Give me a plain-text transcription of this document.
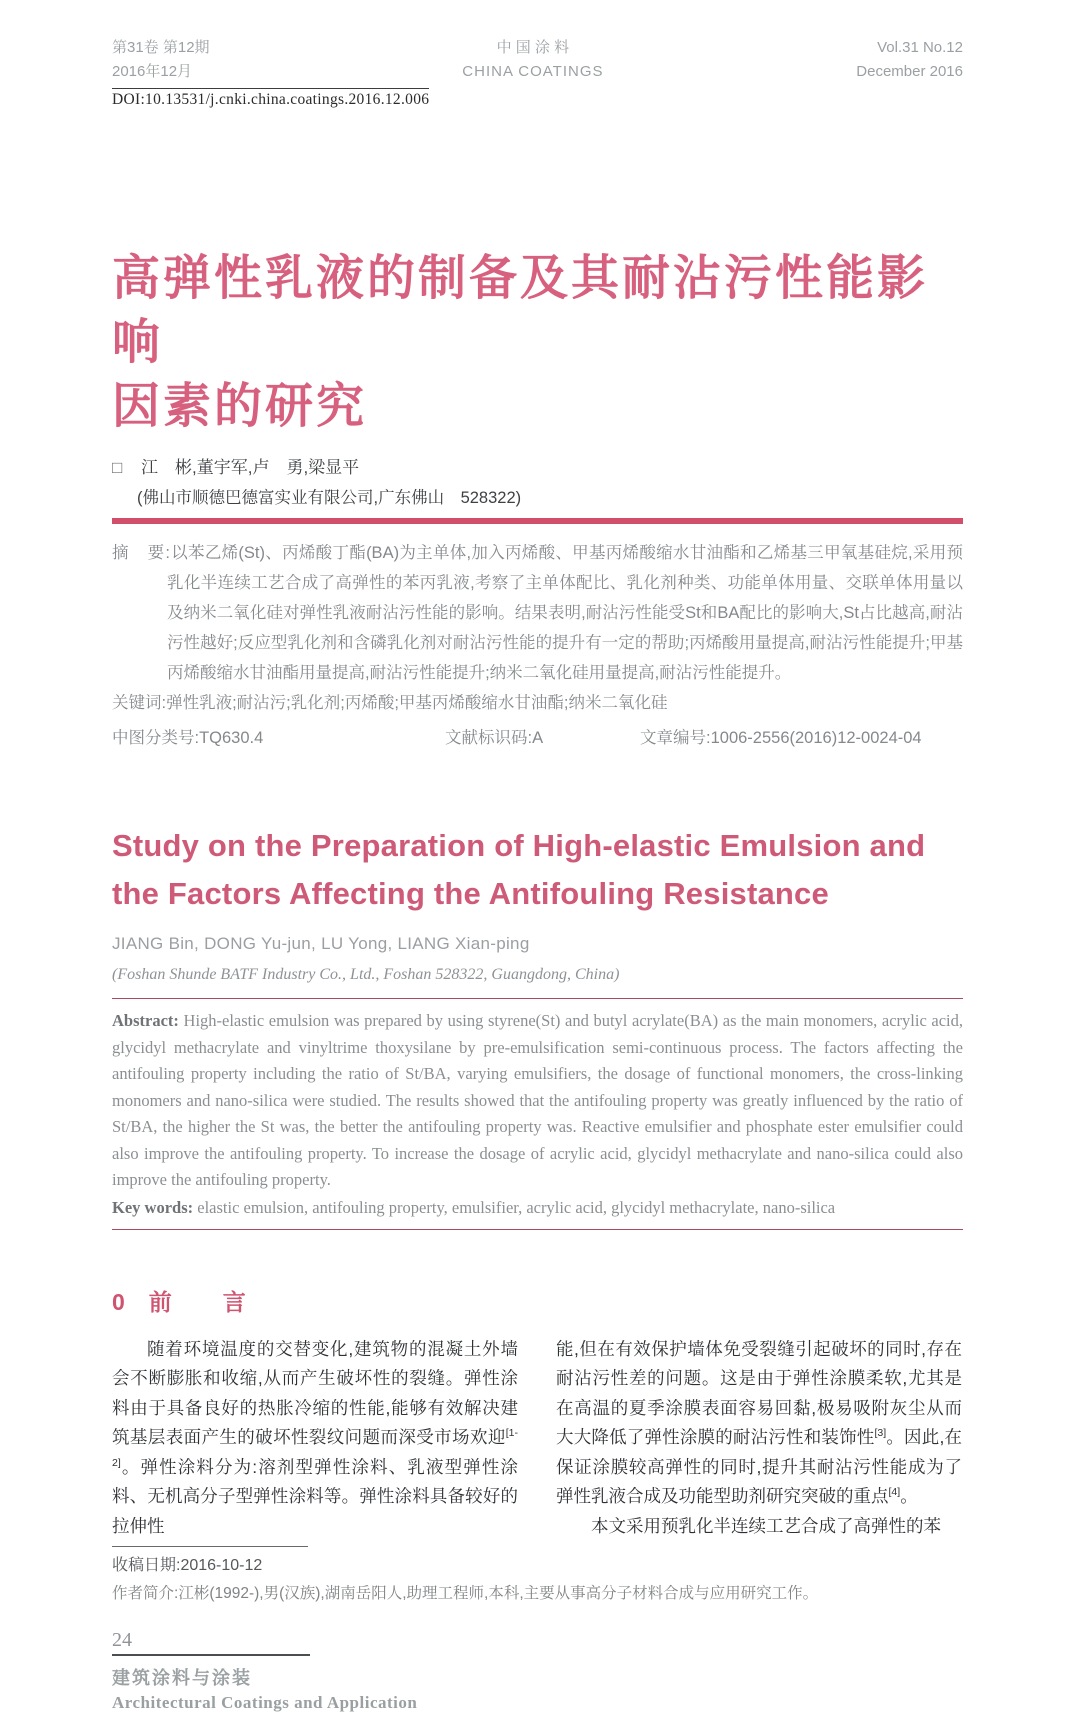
第31卷 第12期
2016年12月
中 国 涂 料
CHINA COATINGS
Vol.31 No.12
December 2016
DOI:10.13531/j.cnki.china.coatings.2016.12.006
高弹性乳液的制备及其耐沾污性能影响
因素的研究
□ 江　彬,董宇军,卢　勇,梁显平
(佛山市顺德巴德富实业有限公司,广东佛山　528322)

摘　要:以苯乙烯(St)、丙烯酸丁酯(BA)为主单体,加入丙烯酸、甲基丙烯酸缩水甘油酯和乙烯基三甲氧基硅烷,采用预乳化半连续工艺合成了高弹性的苯丙乳液,考察了主单体配比、乳化剂种类、功能单体用量、交联单体用量以及纳米二氧化硅对弹性乳液耐沾污性能的影响。结果表明,耐沾污性能受St和BA配比的影响大,St占比越高,耐沾污性越好;反应型乳化剂和含磷乳化剂对耐沾污性能的提升有一定的帮助;丙烯酸用量提高,耐沾污性能提升;甲基丙烯酸缩水甘油酯用量提高,耐沾污性能提升;纳米二氧化硅用量提高,耐沾污性能提升。

关键词:弹性乳液;耐沾污;乳化剂;丙烯酸;甲基丙烯酸缩水甘油酯;纳米二氧化硅

中图分类号:TQ630.4	文献标识码:A	文章编号:1006-2556(2016)12-0024-04
Study on the Preparation of High-elastic Emulsion and the Factors Affecting the Antifouling Resistance
JIANG Bin, DONG Yu-jun, LU Yong, LIANG Xian-ping
(Foshan Shunde BATF Industry Co., Ltd., Foshan 528322, Guangdong, China)

Abstract: High-elastic emulsion was prepared by using styrene(St) and butyl acrylate(BA) as the main monomers, acrylic acid, glycidyl methacrylate and vinyltrime thoxysilane by pre-emulsification semi-continuous process. The factors affecting the antifouling property including the ratio of St/BA, varying emulsifiers, the dosage of functional monomers, the cross-linking monomers and nano-silica were studied. The results showed that the antifouling property was greatly influenced by the ratio of St/BA, the higher the St was, the better the antifouling property was. Reactive emulsifier and phosphate ester emulsifier could also improve the antifouling property. To increase the dosage of acrylic acid, glycidyl methacrylate and nano-silica could also improve the antifouling property.

Key words: elastic emulsion, antifouling property, emulsifier, acrylic acid, glycidyl methacrylate, nano-silica

0 前　言

随着环境温度的交替变化,建筑物的混凝土外墙会不断膨胀和收缩,从而产生破坏性的裂缝。弹性涂料由于具备良好的热胀冷缩的性能,能够有效解决建筑基层表面产生的破坏性裂纹问题而深受市场欢迎[1-2]。弹性涂料分为:溶剂型弹性涂料、乳液型弹性涂料、无机高分子型弹性涂料等。弹性涂料具备较好的拉伸性

能,但在有效保护墙体免受裂缝引起破坏的同时,存在耐沾污性差的问题。这是由于弹性涂膜柔软,尤其是在高温的夏季涂膜表面容易回黏,极易吸附灰尘从而大大降低了弹性涂膜的耐沾污性和装饰性[3]。因此,在保证涂膜较高弹性的同时,提升其耐沾污性能成为了弹性乳液合成及功能型助剂研究突破的重点[4]。

本文采用预乳化半连续工艺合成了高弹性的苯

收稿日期:2016-10-12
作者简介:江彬(1992-),男(汉族),湖南岳阳人,助理工程师,本科,主要从事高分子材料合成与应用研究工作。
24
建筑涂料与涂装
Architectural Coatings and Application
